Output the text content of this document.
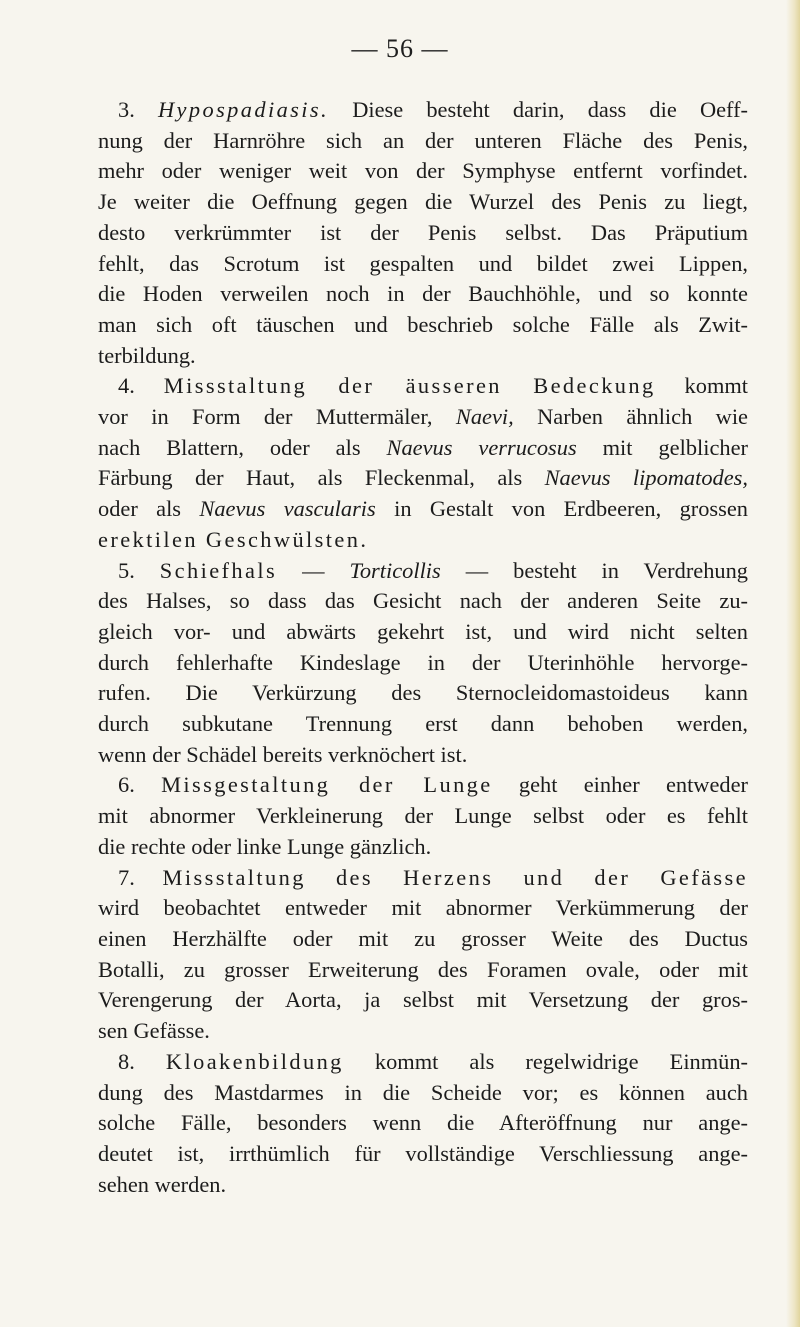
— 56 —
3. Hypospadiasis. Diese besteht darin, dass die Oeff-
nung der Harnröhre sich an der unteren Fläche des Penis,
mehr oder weniger weit von der Symphyse entfernt vorfindet.
Je weiter die Oeffnung gegen die Wurzel des Penis zu liegt,
desto verkrümmter ist der Penis selbst. Das Präputium
fehlt, das Scrotum ist gespalten und bildet zwei Lippen,
die Hoden verweilen noch in der Bauchhöhle, und so konnte
man sich oft täuschen und beschrieb solche Fälle als Zwit-
terbildung.
4. Missstaltung der äusseren Bedeckung kommt
vor in Form der Muttermäler, Naevi, Narben ähnlich wie
nach Blattern, oder als Naevus verrucosus mit gelblicher
Färbung der Haut, als Fleckenmal, als Naevus lipomatodes,
oder als Naevus vascularis in Gestalt von Erdbeeren, grossen
erektilen Geschwülsten.
5. Schiefhals — Torticollis — besteht in Verdrehung
des Halses, so dass das Gesicht nach der anderen Seite zu-
gleich vor- und abwärts gekehrt ist, und wird nicht selten
durch fehlerhafte Kindeslage in der Uterinhöhle hervorge-
rufen. Die Verkürzung des Sternocleidomastoideus kann
durch subkutane Trennung erst dann behoben werden,
wenn der Schädel bereits verknöchert ist.
6. Missgestaltung der Lunge geht einher entweder
mit abnormer Verkleinerung der Lunge selbst oder es fehlt
die rechte oder linke Lunge gänzlich.
7. Missstaltung des Herzens und der Gefässe
wird beobachtet entweder mit abnormer Verkümmerung der
einen Herzhälfte oder mit zu grosser Weite des Ductus
Botalli, zu grosser Erweiterung des Foramen ovale, oder mit
Verengerung der Aorta, ja selbst mit Versetzung der gros-
sen Gefässe.
8. Kloakenbildung kommt als regelwidrige Einmün-
dung des Mastdarmes in die Scheide vor; es können auch
solche Fälle, besonders wenn die Afteröffnung nur ange-
deutet ist, irrthümlich für vollständige Verschliessung ange-
sehen werden.
